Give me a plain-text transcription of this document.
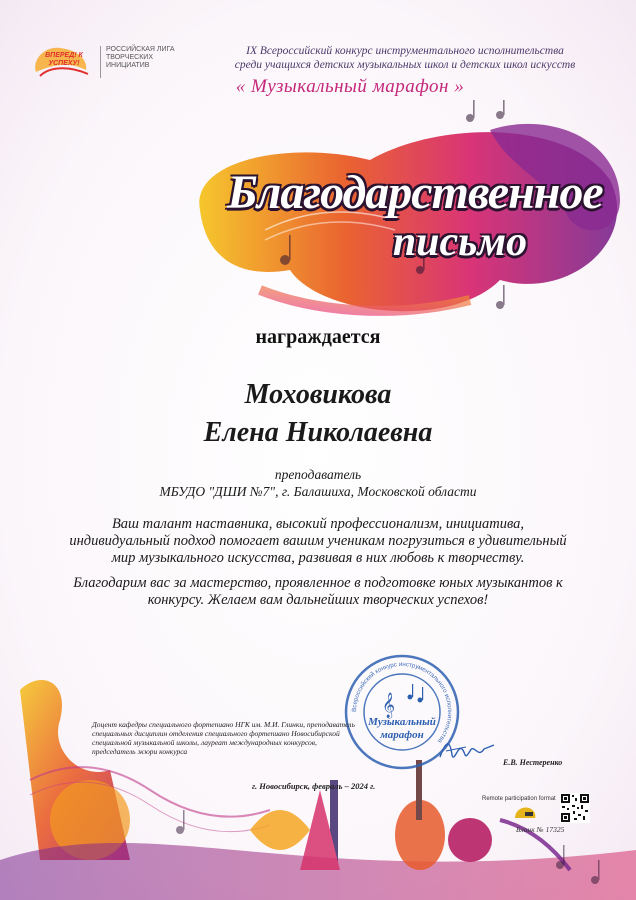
ВПЕРЕД! К УСПЕХУ!
РОССИЙСКАЯ ЛИГА ТВОРЧЕСКИХ ИНИЦИАТИВ
IX Всероссийский конкурс инструментального исполнительства
среди учащихся детских музыкальных школ и детских школ искусств
« Музыкальный марафон »
Благодарственное
письмо
награждается
Моховикова
Елена Николаевна
преподаватель
МБУДО "ДШИ №7", г. Балашиха, Московской области

Ваш талант наставника, высокий профессионализм, инициатива, индивидуальный подход помогает вашим ученикам погрузиться в удивительный мир музыкального искусства, развивая в них любовь к творчеству.

Благодарим вас за мастерство, проявленное в подготовке юных музыкантов к конкурсу. Желаем вам дальнейших творческих успехов!

Всероссийский конкурс инструментального исполнительства
𝄞
Музыкальный
марафон
Доцент кафедры специального фортепиано НГК им. М.И. Глинки, преподаватель специальных дисциплин отделения специального фортепиано Новосибирской специальной музыкальной школы, лауреат международных конкурсов, председатель жюри конкурса
Е.В. Нестеренко
г. Новосибирск, февраль – 2024 г.
Remote participation format
Бланк № 17325
